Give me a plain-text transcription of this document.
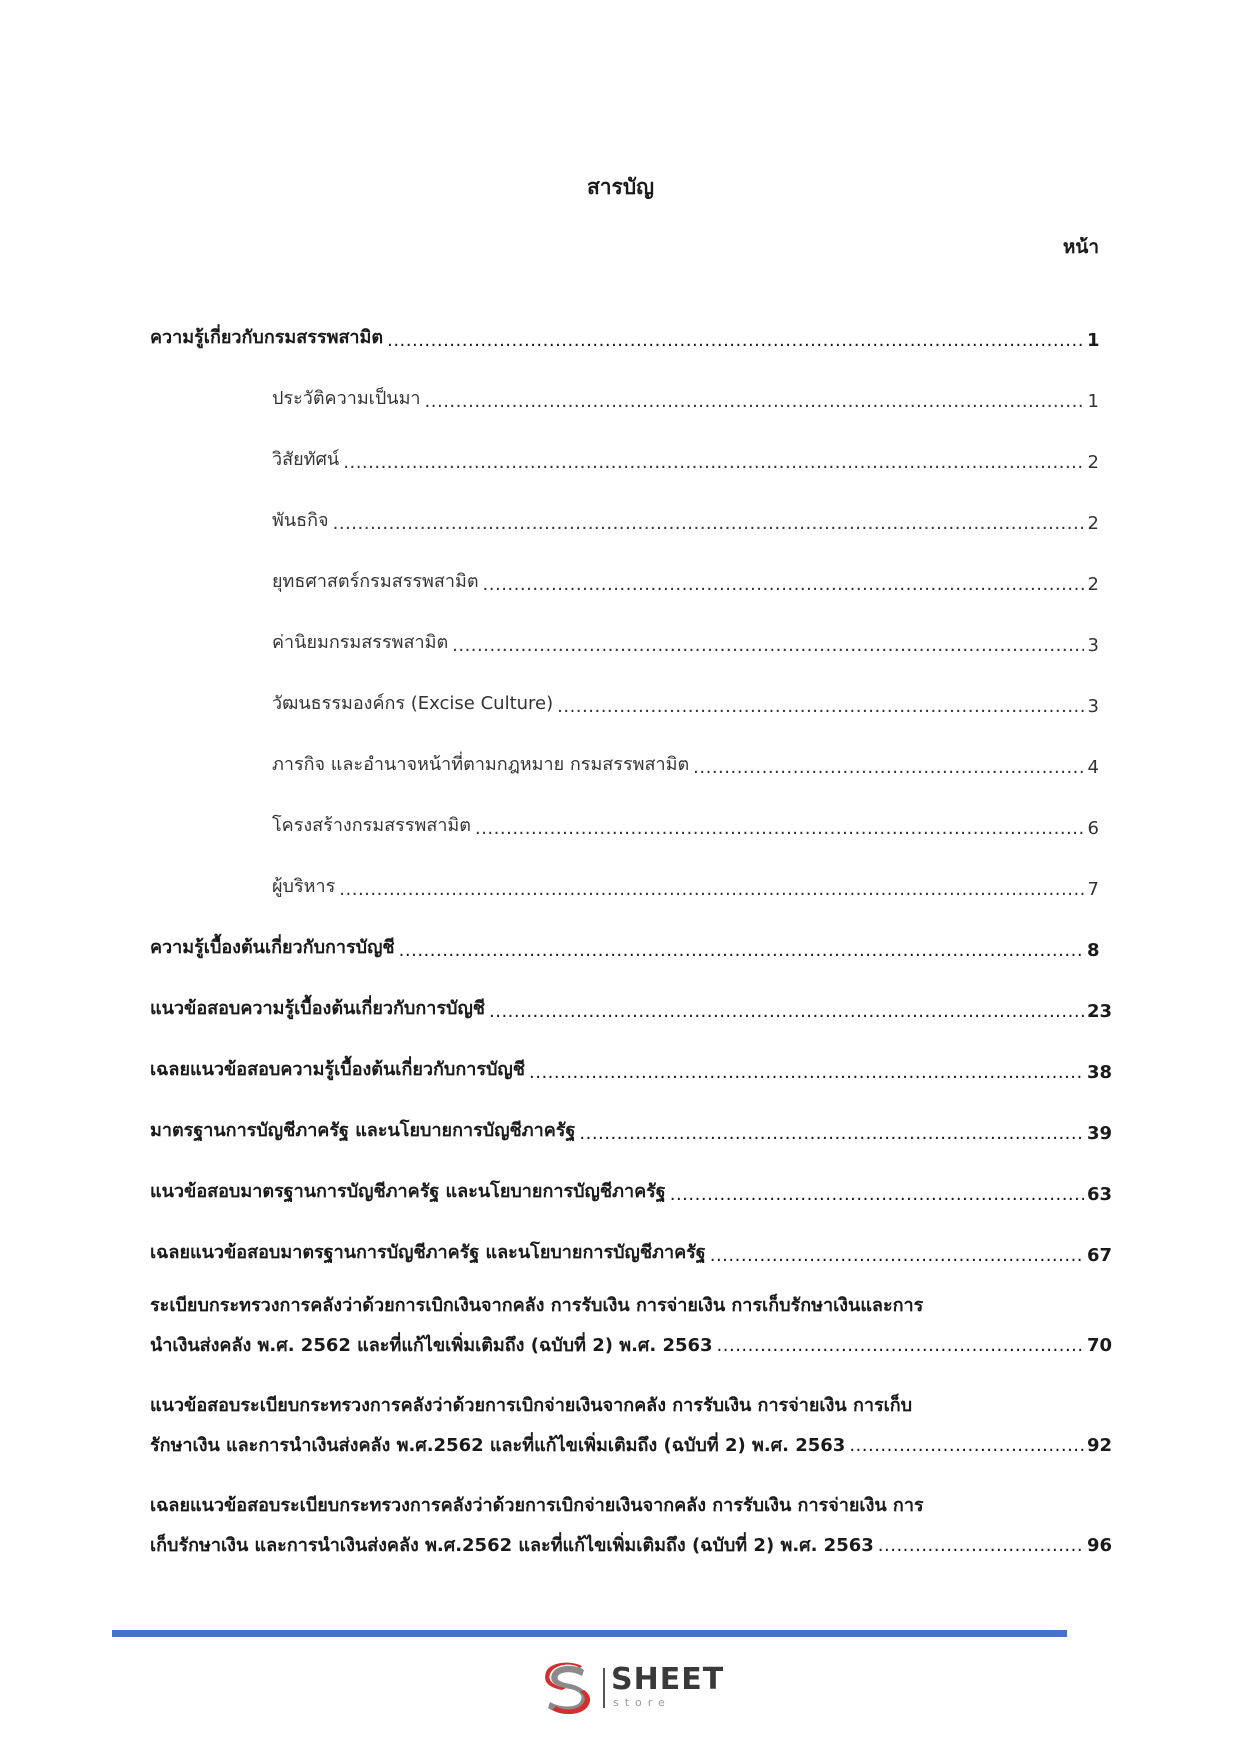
สารบัญ
หน้า
ความรู้เกี่ยวกับกรมสรรพสามิต .....	1
ประวัติความเป็นมา .....	1
วิสัยทัศน์ .....	2
พันธกิจ .....	2
ยุทธศาสตร์กรมสรรพสามิต .....	2
ค่านิยมกรมสรรพสามิต .....	3
วัฒนธรรมองค์กร (Excise Culture) .....	3
ภารกิจ และอำนาจหน้าที่ตามกฎหมาย กรมสรรพสามิต .....	4
โครงสร้างกรมสรรพสามิต .....	6
ผู้บริหาร .....	7
ความรู้เบื้องต้นเกี่ยวกับการบัญชี .....	8
แนวข้อสอบความรู้เบื้องต้นเกี่ยวกับการบัญชี .....	23
เฉลยแนวข้อสอบความรู้เบื้องต้นเกี่ยวกับการบัญชี .....	38
มาตรฐานการบัญชีภาครัฐ และนโยบายการบัญชีภาครัฐ .....	39
แนวข้อสอบมาตรฐานการบัญชีภาครัฐ และนโยบายการบัญชีภาครัฐ .....	63
เฉลยแนวข้อสอบมาตรฐานการบัญชีภาครัฐ และนโยบายการบัญชีภาครัฐ .....	67
ระเบียบกระทรวงการคลังว่าด้วยการเบิกเงินจากคลัง การรับเงิน การจ่ายเงิน การเก็บรักษาเงินและการ
นำเงินส่งคลัง พ.ศ. 2562 และที่แก้ไขเพิ่มเติมถึง (ฉบับที่ 2) พ.ศ. 2563 .....	70
แนวข้อสอบระเบียบกระทรวงการคลังว่าด้วยการเบิกจ่ายเงินจากคลัง การรับเงิน การจ่ายเงิน การเก็บ
รักษาเงิน และการนำเงินส่งคลัง พ.ศ.2562 และที่แก้ไขเพิ่มเติมถึง (ฉบับที่ 2) พ.ศ. 2563 .....	92
เฉลยแนวข้อสอบระเบียบกระทรวงการคลังว่าด้วยการเบิกจ่ายเงินจากคลัง การรับเงิน การจ่ายเงิน การ
เก็บรักษาเงิน และการนำเงินส่งคลัง พ.ศ.2562 และที่แก้ไขเพิ่มเติมถึง (ฉบับที่ 2) พ.ศ. 2563 .....	96
SHEET
store
